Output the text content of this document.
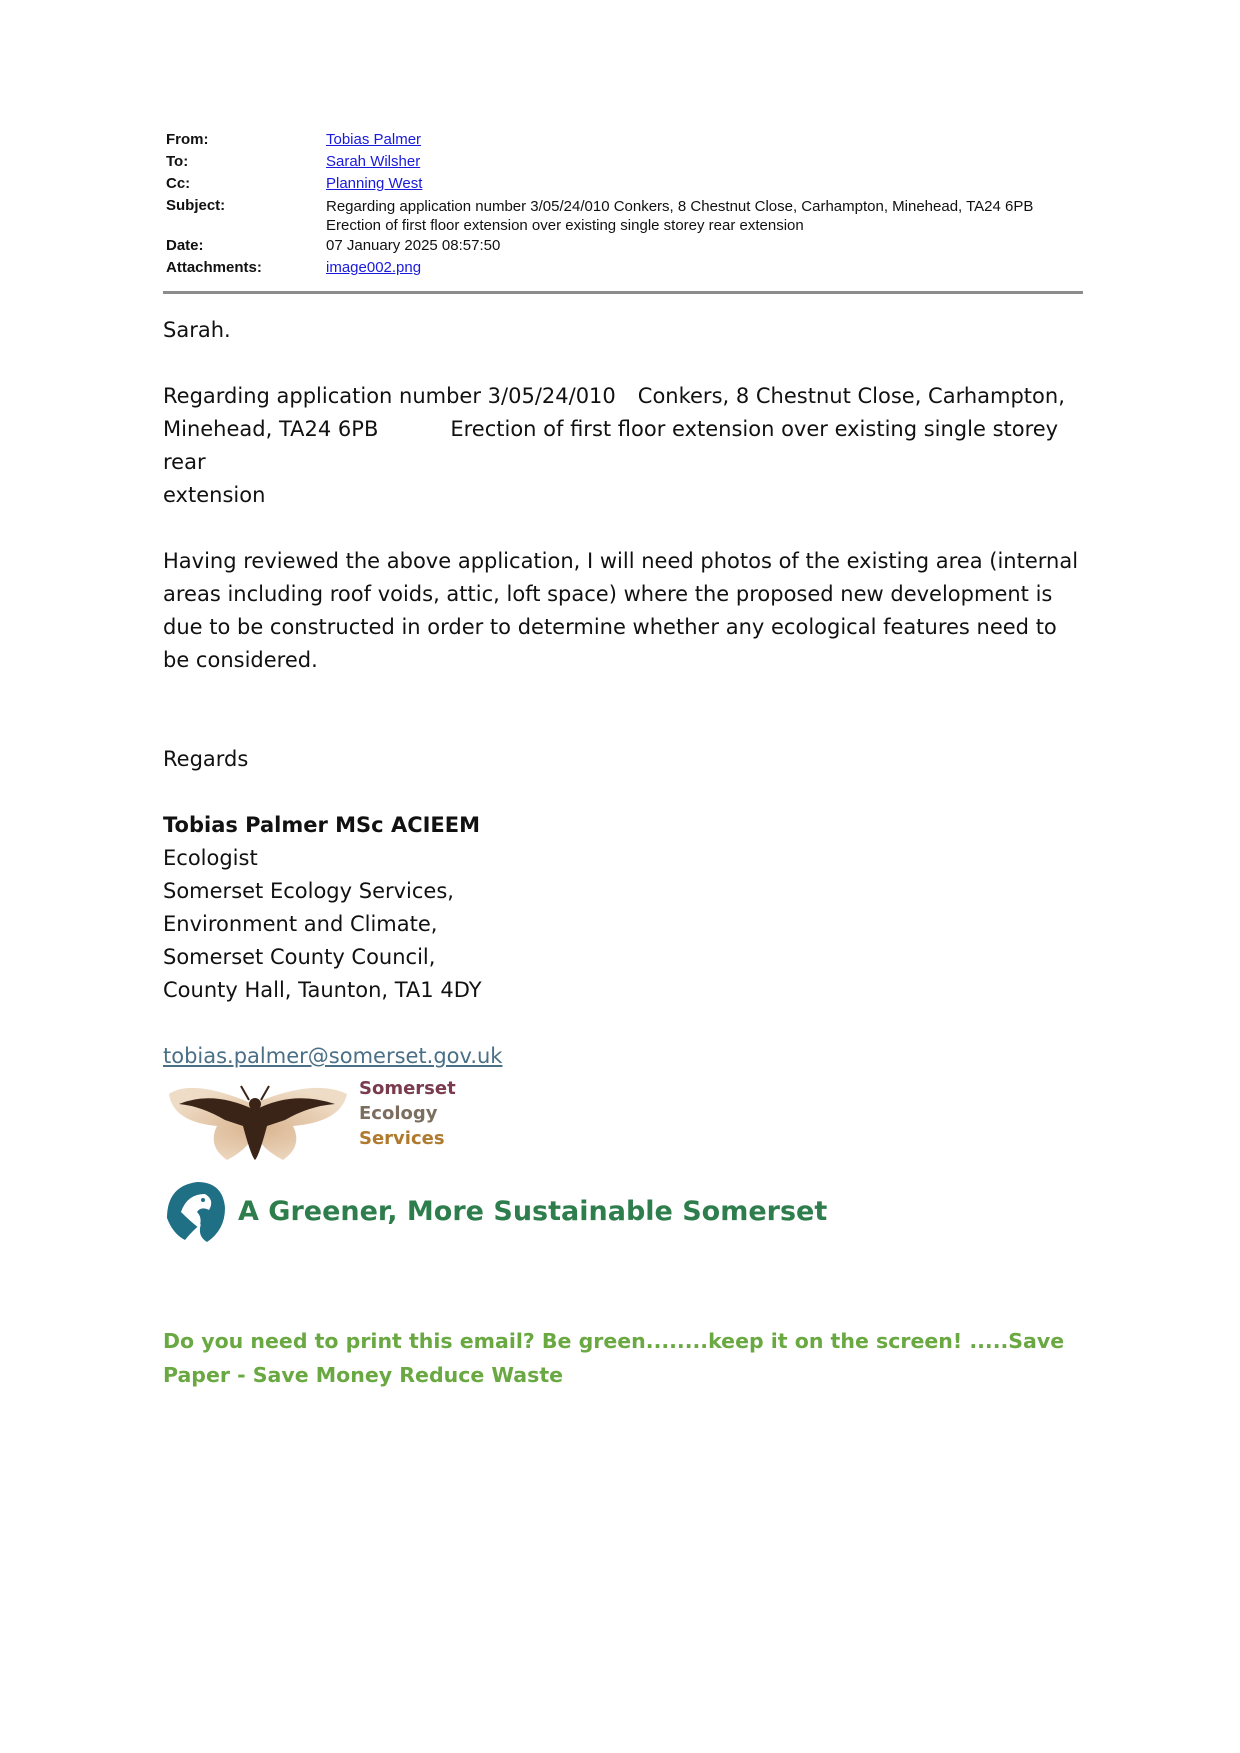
From:	Tobias Palmer
To:	Sarah Wilsher
Cc:	Planning West
Subject:	Regarding application number 3/05/24/010 Conkers, 8 Chestnut Close, Carhampton, Minehead, TA24 6PB
Erection of first floor extension over existing single storey rear extension
Date:	07 January 2025 08:57:50
Attachments:	image002.png

Sarah.

Regarding application number 3/05/24/010 Conkers, 8 Chestnut Close, Carhampton,
Minehead, TA24 6PB	Erection of first floor extension over existing single storey rear
extension

Having reviewed the above application, I will need photos of the existing area (internal areas including roof voids, attic, loft space) where the proposed new development is due to be constructed in order to determine whether any ecological features need to be considered.

Regards

Tobias Palmer MSc ACIEEM

Ecologist

Somerset Ecology Services,

Environment and Climate,

Somerset County Council,

County Hall, Taunton, TA1 4DY

tobias.palmer@somerset.gov.uk

Somerset
Ecology
Services
A Greener, More Sustainable Somerset
Do you need to print this email? Be green........keep it on the screen! .....Save Paper - Save Money Reduce Waste
